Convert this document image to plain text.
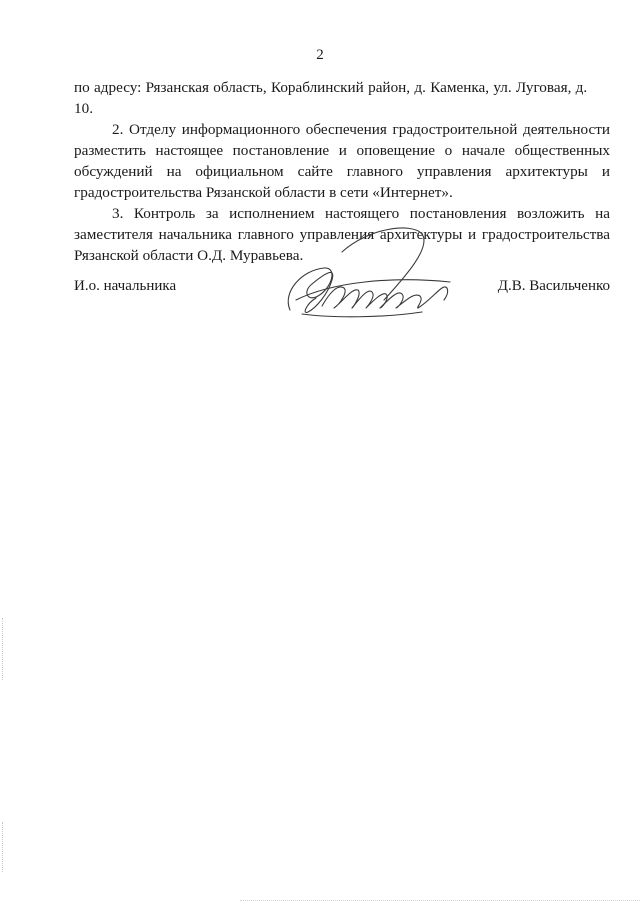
2

по адресу: Рязанская область, Кораблинский район, д. Каменка, ул. Луговая, д. 10.

2. Отделу информационного обеспечения градостроительной деятельности разместить настоящее постановление и оповещение о начале общественных обсуждений на официальном сайте главного управления архитектуры и градостроительства Рязанской области в сети «Интернет».

3. Контроль за исполнением настоящего постановления возложить на заместителя начальника главного управления архитектуры и градостроительства Рязанской области О.Д. Муравьева.

И.о. начальника	Д.В. Васильченко
